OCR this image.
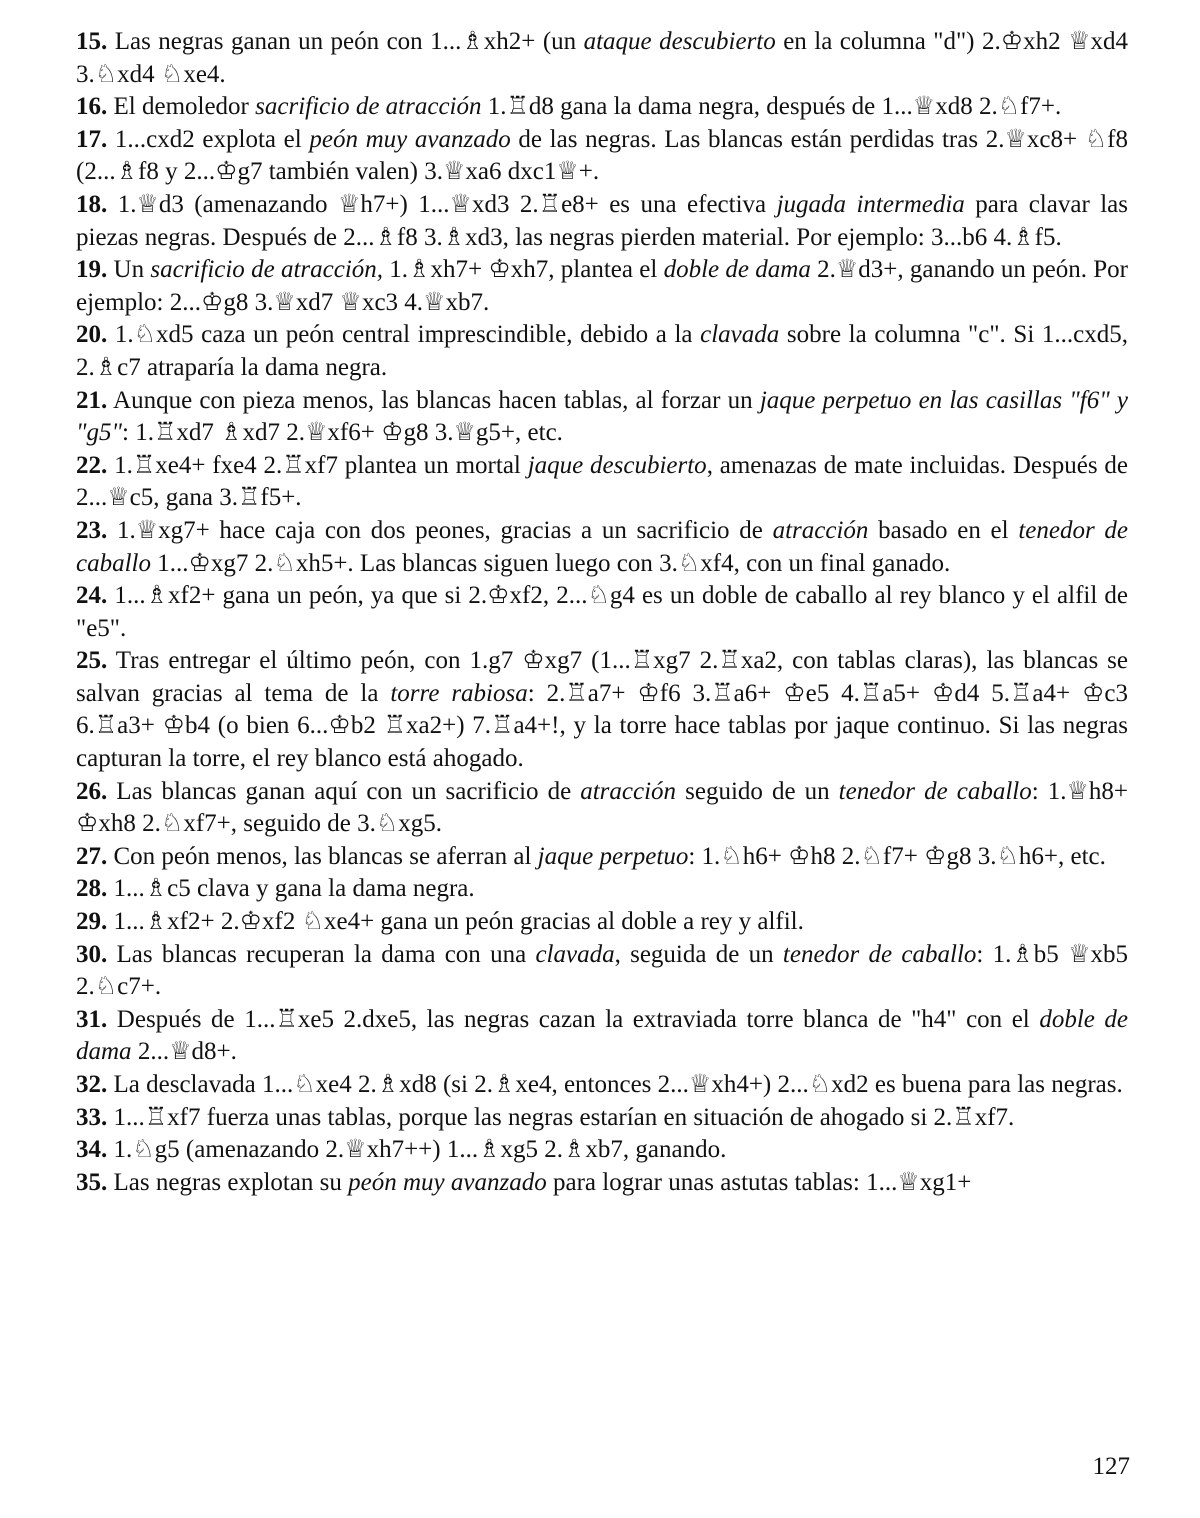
15. Las negras ganan un peón con 1...♗xh2+ (un ataque descubierto en la columna "d") 2.♔xh2 ♕xd4 3.♘xd4 ♘xe4.

16. El demoledor sacrificio de atracción 1.♖d8 gana la dama negra, después de 1...♕xd8 2.♘f7+.

17. 1...cxd2 explota el peón muy avanzado de las negras. Las blancas están perdidas tras 2.♕xc8+ ♘f8 (2...♗f8 y 2...♔g7 también valen) 3.♕xa6 dxc1♕+.

18. 1.♕d3 (amenazando ♕h7+) 1...♕xd3 2.♖e8+ es una efectiva jugada intermedia para clavar las piezas negras. Después de 2...♗f8 3.♗xd3, las negras pierden material. Por ejemplo: 3...b6 4.♗f5.

19. Un sacrificio de atracción, 1.♗xh7+ ♔xh7, plantea el doble de dama 2.♕d3+, ganando un peón. Por ejemplo: 2...♔g8 3.♕xd7 ♕xc3 4.♕xb7.

20. 1.♘xd5 caza un peón central imprescindible, debido a la clavada sobre la columna "c". Si 1...cxd5, 2.♗c7 atraparía la dama negra.

21. Aunque con pieza menos, las blancas hacen tablas, al forzar un jaque perpetuo en las casillas "f6" y "g5": 1.♖xd7 ♗xd7 2.♕xf6+ ♔g8 3.♕g5+, etc.

22. 1.♖xe4+ fxe4 2.♖xf7 plantea un mortal jaque descubierto, amenazas de mate incluidas. Después de 2...♕c5, gana 3.♖f5+.

23. 1.♕xg7+ hace caja con dos peones, gracias a un sacrificio de atracción basado en el tenedor de caballo 1...♔xg7 2.♘xh5+. Las blancas siguen luego con 3.♘xf4, con un final ganado.

24. 1...♗xf2+ gana un peón, ya que si 2.♔xf2, 2...♘g4 es un doble de caballo al rey blanco y el alfil de "e5".

25. Tras entregar el último peón, con 1.g7 ♔xg7 (1...♖xg7 2.♖xa2, con tablas claras), las blancas se salvan gracias al tema de la torre rabiosa: 2.♖a7+ ♔f6 3.♖a6+ ♔e5 4.♖a5+ ♔d4 5.♖a4+ ♔c3 6.♖a3+ ♔b4 (o bien 6...♔b2 ♖xa2+) 7.♖a4+!, y la torre hace tablas por jaque continuo. Si las negras capturan la torre, el rey blanco está ahogado.

26. Las blancas ganan aquí con un sacrificio de atracción seguido de un tenedor de caballo: 1.♕h8+ ♔xh8 2.♘xf7+, seguido de 3.♘xg5.

27. Con peón menos, las blancas se aferran al jaque perpetuo: 1.♘h6+ ♔h8 2.♘f7+ ♔g8 3.♘h6+, etc.

28. 1...♗c5 clava y gana la dama negra.

29. 1...♗xf2+ 2.♔xf2 ♘xe4+ gana un peón gracias al doble a rey y alfil.

30. Las blancas recuperan la dama con una clavada, seguida de un tenedor de caballo: 1.♗b5 ♕xb5 2.♘c7+.

31. Después de 1...♖xe5 2.dxe5, las negras cazan la extraviada torre blanca de "h4" con el doble de dama 2...♕d8+.

32. La desclavada 1...♘xe4 2.♗xd8 (si 2.♗xe4, entonces 2...♕xh4+) 2...♘xd2 es buena para las negras.

33. 1...♖xf7 fuerza unas tablas, porque las negras estarían en situación de ahogado si 2.♖xf7.

34. 1.♘g5 (amenazando 2.♕xh7++) 1...♗xg5 2.♗xb7, ganando.

35. Las negras explotan su peón muy avanzado para lograr unas astutas tablas: 1...♕xg1+

127
